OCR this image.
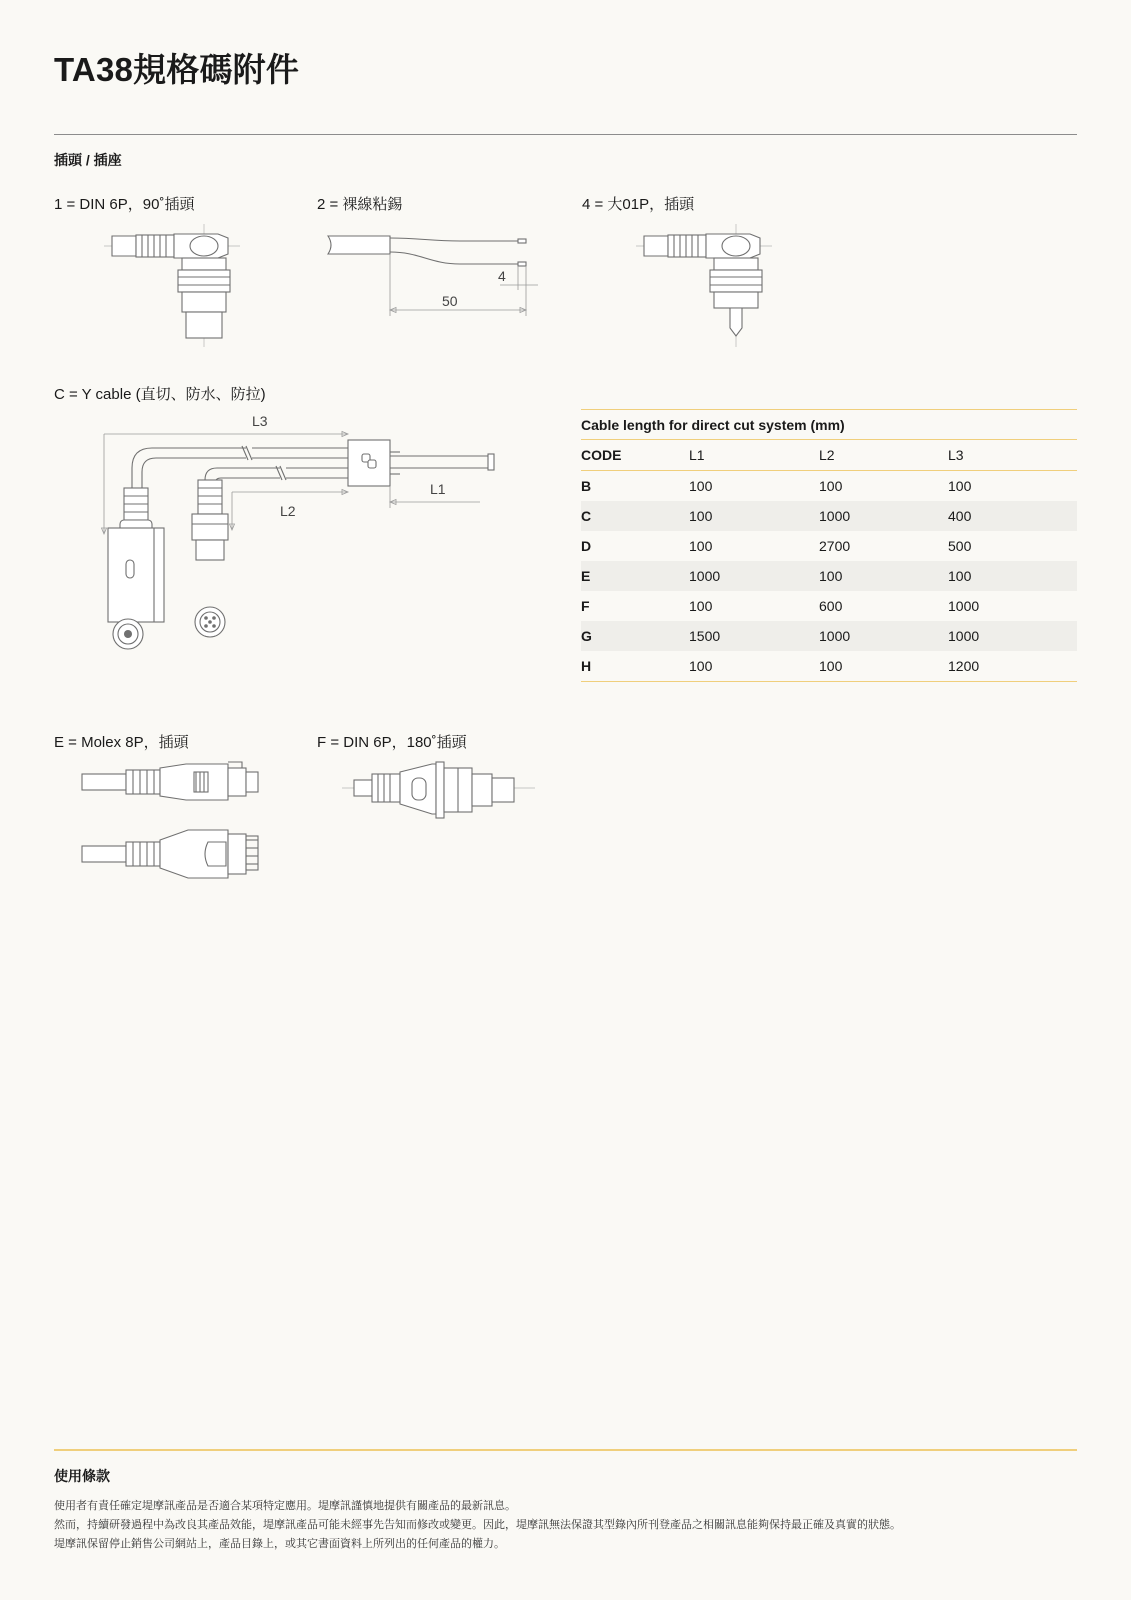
TA38規格碼附件
插頭 / 插座
1 = DIN 6P，90˚插頭	2 = 裸線粘錫	4 = 大01P，插頭
C = Y cable (直切、防水、防拉)
E = Molex 8P，插頭	F = DIN 6P，180˚插頭
50
4
L3
L1
L2
Cable length for direct cut system (mm)
CODE	L1	L2	L3
B	100	100	100
C	100	1000	400
D	100	2700	500
E	1000	100	100
F	100	600	1000
G	1500	1000	1000
H	100	100	1200
使用條款

使用者有責任確定堤摩訊產品是否適合某項特定應用。堤摩訊謹慎地提供有關產品的最新訊息。

然而，持續研發過程中為改良其產品效能，堤摩訊產品可能未經事先告知而修改或變更。因此，堤摩訊無法保證其型錄內所刊登產品之相關訊息能夠保持最正確及真實的狀態。

堤摩訊保留停止銷售公司網站上，產品目錄上，或其它書面資料上所列出的任何產品的權力。
